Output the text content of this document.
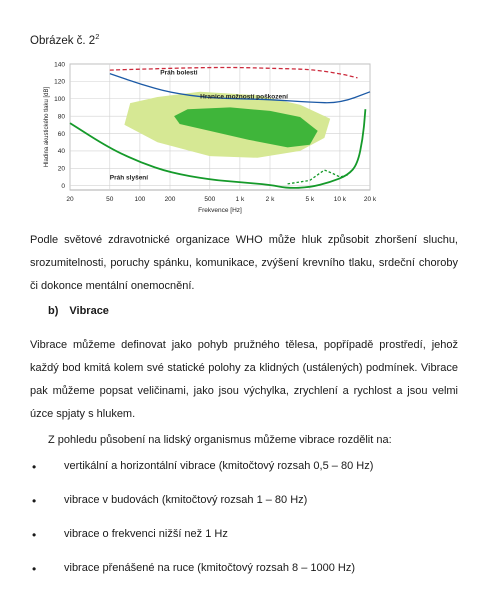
Obrázek č. $2^2$
20	50	100	200	500	1 k	2 k	5 k	10 k	20 k
0
20
40
60
80
100
120
140
Práh bolesti
Hranice možností poškození
Práh slyšení
Frekvence [Hz]
Hladina akustického tlaku [dB]

Podle světové zdravotnické organizace WHO může hluk způsobit zhoršení sluchu, srozumitelnosti, poruchy spánku, komunikace, zvýšení krevního tlaku, srdeční choroby či dokonce mentální onemocnění.

b) Vibrace

Vibrace můžeme definovat jako pohyb pružného tělesa, popřípadě prostředí, jehož každý bod kmitá kolem své statické polohy za klidných (ustálených) podmínek. Vibrace pak můžeme popsat veličinami, jako jsou výchylka, zrychlení a rychlost a jsou velmi úzce spjaty s hlukem.

Z pohledu působení na lidský organismus můžeme vibrace rozdělit na:

•	vertikální a horizontální vibrace (kmitočtový rozsah 0,5 – 80 Hz)
•	vibrace v budovách (kmitočtový rozsah 1 – 80 Hz)
•	vibrace o frekvenci nižší než 1 Hz
•	vibrace přenášené na ruce (kmitočtový rozsah 8 – 1000 Hz)
